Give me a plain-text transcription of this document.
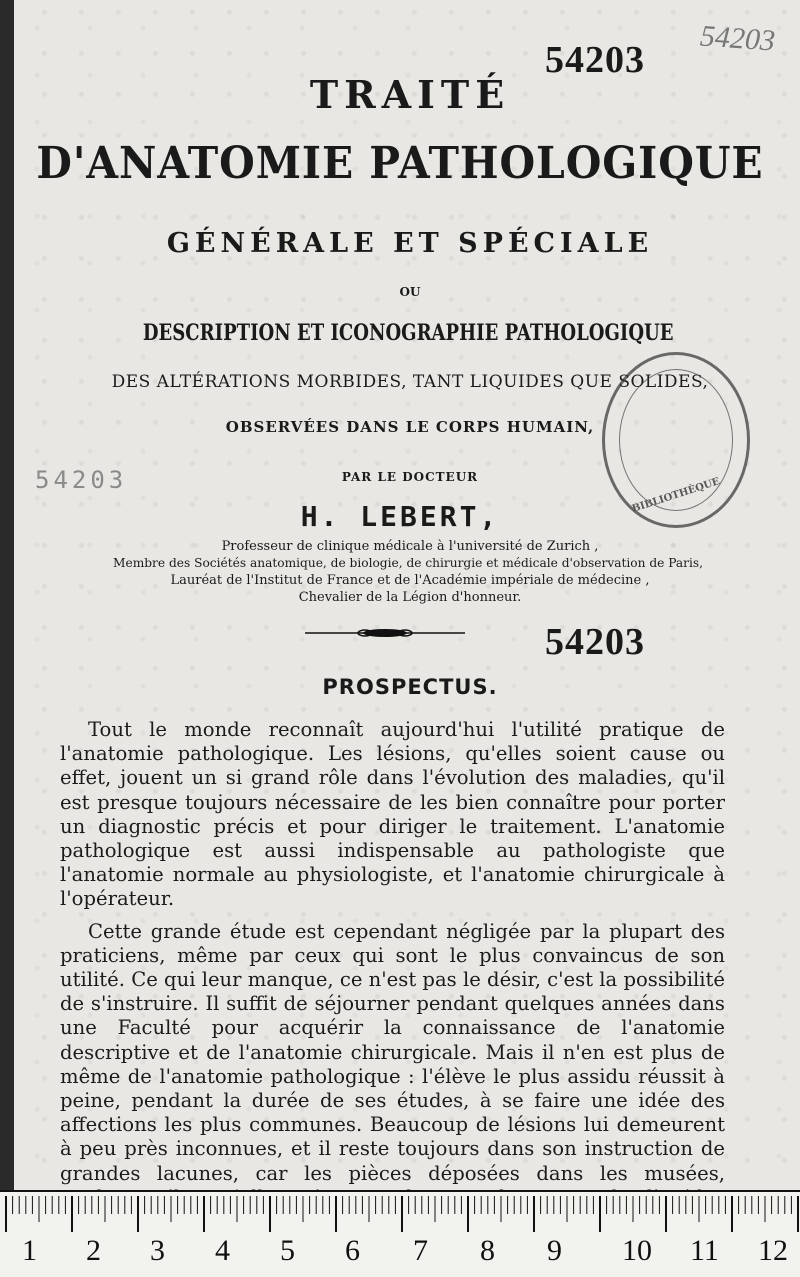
54203
54203
TRAITÉ
D'ANATOMIE PATHOLOGIQUE
GÉNÉRALE ET SPÉCIALE
OU
DESCRIPTION ET ICONOGRAPHIE PATHOLOGIQUE
DES ALTÉRATIONS MORBIDES, TANT LIQUIDES QUE SOLIDES,
OBSERVÉES DANS LE CORPS HUMAIN,
54203	PAR LE DOCTEUR
H. LEBERT,
Professeur de clinique médicale à l'université de Zurich ,
Membre des Sociétés anatomique, de biologie, de chirurgie et médicale d'observation de Paris,
Lauréat de l'Institut de France et de l'Académie impériale de médecine ,
Chevalier de la Légion d'honneur.
BIBLIOTHÈQUE
54203
PROSPECTUS.

Tout le monde reconnaît aujourd'hui l'utilité pratique de l'anatomie pathologique. Les lésions, qu'elles soient cause ou effet, jouent un si grand rôle dans l'évolution des maladies, qu'il est presque toujours nécessaire de les bien connaître pour porter un diagnostic précis et pour diriger le traitement. L'anatomie pathologique est aussi indispensable au pathologiste que l'anatomie normale au physiologiste, et l'anatomie chirurgicale à l'opérateur.

Cette grande étude est cependant négligée par la plupart des praticiens, même par ceux qui sont le plus convaincus de son utilité. Ce qui leur manque, ce n'est pas le désir, c'est la possibilité de s'instruire. Il suffit de séjourner pendant quelques années dans une Faculté pour acquérir la connaissance de l'anatomie descriptive et de l'anatomie chirurgicale. Mais il n'en est plus de même de l'anatomie pathologique : l'élève le plus assidu réussit à peine, pendant la durée de ses études, à se faire une idée des affections les plus communes. Beaucoup de lésions lui demeurent à peu près inconnues, et il reste toujours dans son instruction de grandes lacunes, car les pièces déposées dans les musées,

1 2 3 4 5 6 7 8 9 10 11 12
